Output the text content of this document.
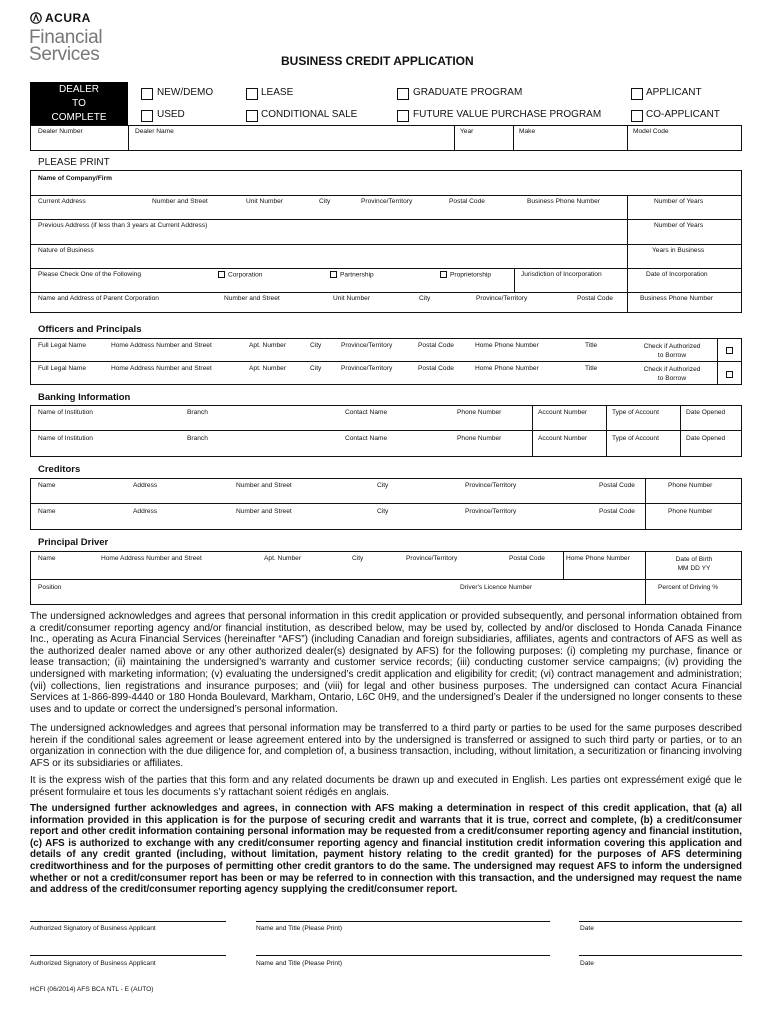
ACURA
Financial
Services	BUSINESS CREDIT APPLICATION
DEALER
TO
COMPLETE
NEW/DEMO
USED
LEASE
CONDITIONAL SALE
GRADUATE PROGRAM
FUTURE VALUE PURCHASE PROGRAM
APPLICANT
CO-APPLICANT
Dealer Number	Dealer Name	Year	Make	Model Code
PLEASE PRINT
Name of Company/Firm
Current Address	Number and Street	Unit Number	City	Province/Territory	Postal Code	Business Phone Number	Number of Years
Previous Address (if less than 3 years at Current Address)	Number of Years
Nature of Business	Years in Business
Please Check One of the Following	Corporation	Partnership	Proprietorship	Jurisdiction of Incorporation	Date of Incorporation
Name and Address of Parent Corporation	Number and Street	Unit Number	City	Province/Territory	Postal Code	Business Phone Number
Officers and Principals
Full Legal Name	Home Address Number and Street	Apt. Number	City	Province/Territory	Postal Code	Home Phone Number	Title	Check if Authorized
to Borrow
Full Legal Name	Home Address Number and Street	Apt. Number	City	Province/Territory	Postal Code	Home Phone Number	Title	Check if Authorized
to Borrow
Banking Information
Name of Institution	Branch	Contact Name	Phone Number	Account Number	Type of Account	Date Opened
Name of Institution	Branch	Contact Name	Phone Number	Account Number	Type of Account	Date Opened
Creditors
Name	Address	Number and Street	City	Province/Territory	Postal Code	Phone Number
Name	Address	Number and Street	City	Province/Territory	Postal Code	Phone Number
Principal Driver
Name	Home Address Number and Street	Apt. Number	City	Province/Territory	Postal Code	Home Phone Number	Date of Birth
MM DD YY
Position	Driver's Licence Number	Percent of Driving %
The undersigned acknowledges and agrees that personal information in this credit application or provided subsequently, and personal information obtained from a credit/consumer reporting agency and/or financial institution, as described below, may be used by, collected by and/or disclosed to Honda Canada Finance Inc., operating as Acura Financial Services (hereinafter “AFS”) (including Canadian and foreign subsidiaries, affiliates, agents and contractors of AFS as well as the authorized dealer named above or any other authorized dealer(s) designated by AFS) for the following purposes: (i) completing my purchase, finance or lease transaction; (ii) maintaining the undersigned’s warranty and customer service records; (iii) conducting customer service campaigns; (iv) providing the undersigned with marketing information; (v) evaluating the undersigned’s credit application and eligibility for credit; (vi) contract management and administration; (vii) collections, lien registrations and insurance purposes; and (viii) for legal and other business purposes. The undersigned can contact Acura Financial Services at 1-866-899-4440 or 180 Honda Boulevard, Markham, Ontario, L6C 0H9, and the undersigned’s Dealer if the undersigned no longer consents to these uses and to update or correct the undersigned’s personal information.
The undersigned acknowledges and agrees that personal information may be transferred to a third party or parties to be used for the same purposes described herein if the conditional sales agreement or lease agreement entered into by the undersigned is transferred or assigned to such third party or parties, or to an organization in connection with the due diligence for, and completion of, a business transaction, including, without limitation, a securitization or financing involving AFS or its subsidiaries or affiliates.
It is the express wish of the parties that this form and any related documents be drawn up and executed in English. Les parties ont expressément exigé que le présent formulaire et tous les documents s’y rattachant soient rédigés en anglais.
The undersigned further acknowledges and agrees, in connection with AFS making a determination in respect of this credit application, that (a) all information provided in this application is for the purpose of securing credit and warrants that it is true, correct and complete, (b) a credit/consumer report and other credit information containing personal information may be requested from a credit/consumer reporting agency and financial institution, (c) AFS is authorized to exchange with any credit/consumer reporting agency and financial institution credit information covering this application and details of any credit granted (including, without limitation, payment history relating to the credit granted) for the purposes of AFS determining creditworthiness and for the purposes of permitting other credit grantors to do the same. The undersigned may request AFS to inform the undersigned whether or not a credit/consumer report has been or may be referred to in connection with this transaction, and the undersigned may request the name and address of the credit/consumer reporting agency supplying the credit/consumer report.
Authorized Signatory of Business Applicant	Name and Title (Please Print)	Date
Authorized Signatory of Business Applicant	Name and Title (Please Print)	Date
HCFI (06/2014) AFS BCA NTL - E (AUTO)
